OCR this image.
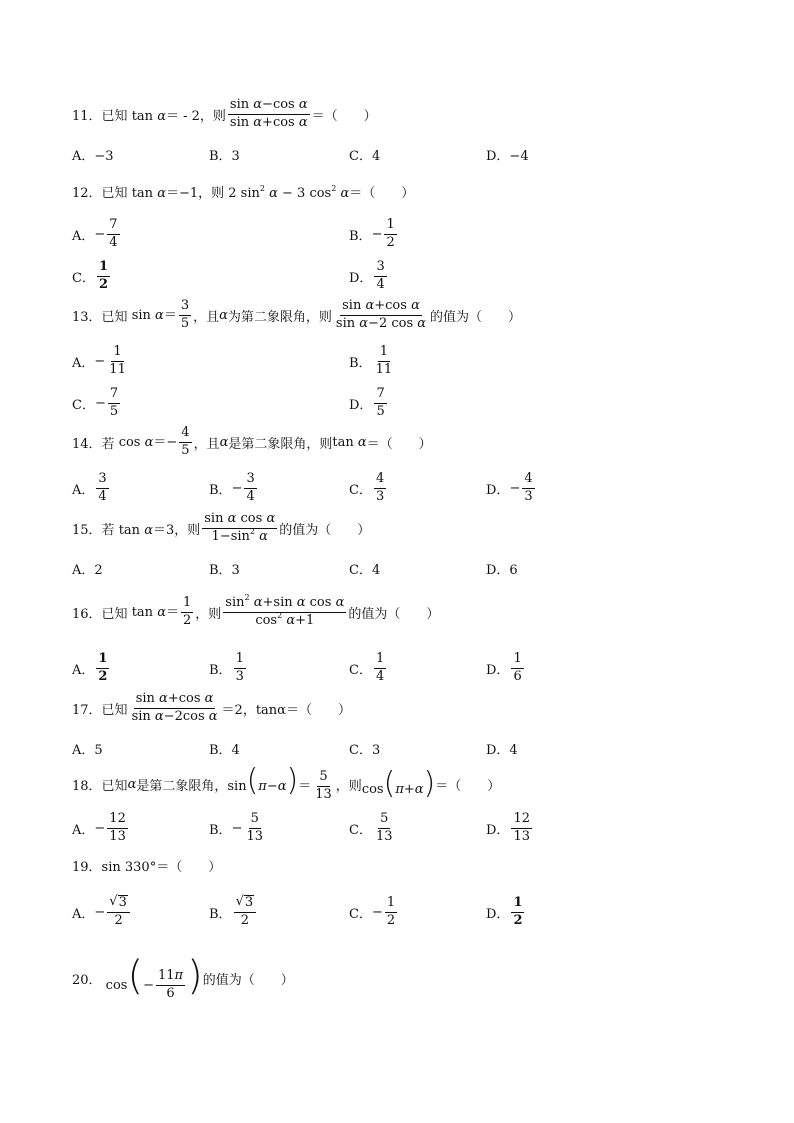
11． 已知 tan α＝ - 2 ，则 $\frac{\text{sin α−cos α}}{\text{sin α+cos α}}$ ＝（　　）
A．−3	B．3	C．4	D．−4
12． 已知 tan α＝−1，则 2 $\sin^2 \alpha - 3$ $\cos^2 \alpha$ ＝（　　）
A． − $\frac{7}{4}$	B． − $\frac{1}{2}$
C． $\frac{1}{2}$	D． $\frac{3}{4}$
13． 已知 $\sin \alpha= \frac{3}{5}$ ，且 α 为第二象限角，则 $\frac{\text{sin α+cos α}}{\text{sin α−2 cos α}}$ 的值为（　　）
A． − $\frac{1}{11}$	B． $\frac{1}{11}$
C． − $\frac{7}{5}$	D． $\frac{7}{5}$
14． 若 $\cos \alpha=- \frac{4}{5}$ ，且 α 是第二象限角，则 tan α ＝（　　）
A． $\frac{3}{4}$	B． − $\frac{3}{4}$	C． $\frac{4}{3}$	D． − $\frac{4}{3}$
15． 若 tan α＝3 ，则 $\frac{\text{sin α cos α}}{1-\sin^2 \alpha}$ 的值为（　　）
A．2	B．3	C．4	D．6
16． 已知 $\tan \alpha= \frac{1}{2}$ ，则 $\frac{\sin^2 \alpha+\sin \alpha \cos \alpha}{\cos^2 \alpha+1}$ 的值为（　　）
A． $\frac{1}{2}$	B． $\frac{1}{3}$	C． $\frac{1}{4}$	D． $\frac{1}{6}$
17． 已知 $\frac{\text{sin α+cos α}}{\text{sin α−2cos α}} =2$，tanα＝（　　）
A．5	B．4	C．3	D．4
18． 已知 α 是第二象限角， $\sin(\pi-\alpha)= \frac{5}{13}$ ，则 cos(π+α) ＝（　　）
A． − $\frac{12}{13}$	B． − $\frac{5}{13}$	C． $\frac{5}{13}$	D． $\frac{12}{13}$
19． sin 330°＝（　　）
A． − $\frac{√ 3}{2}$	B． $\frac{√ 3}{2}$	C． − $\frac{1}{2}$	D． $\frac{1}{2}$
20． $\cos(- \frac{11\pi}{6}$ ) 的值为（　　）
